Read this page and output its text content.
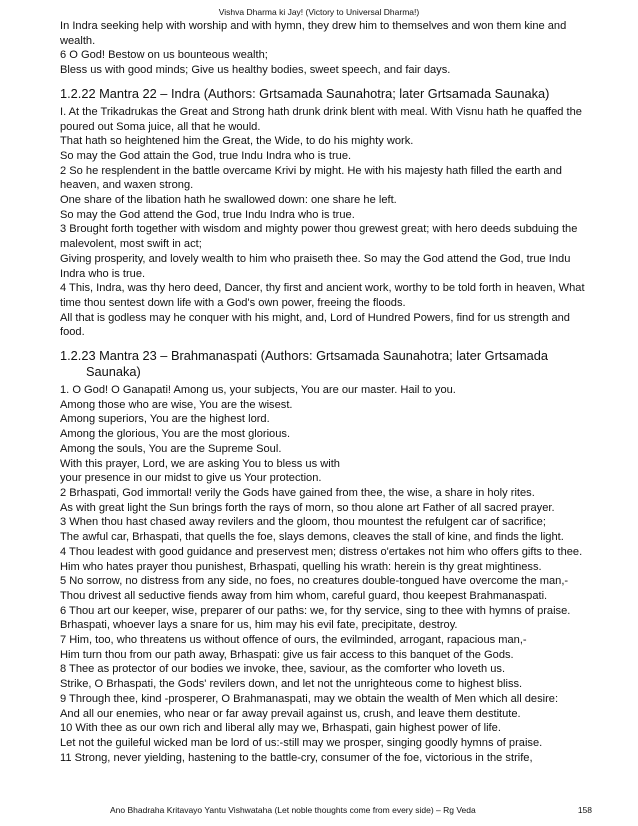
Vishva Dharma ki Jay! (Victory to Universal Dharma!)

In Indra seeking help with worship and with hymn, they drew him to themselves and won them kine and wealth.

6 O God! Bestow on us bounteous wealth;

Bless us with good minds; Give us healthy bodies, sweet speech, and fair days.

1.2.22 Mantra 22 – Indra (Authors: Grtsamada Saunahotra; later Grtsamada Saunaka)

I. At the Trikadrukas the Great and Strong hath drunk drink blent with meal. With Visnu hath he quaffed the poured out Soma juice, all that he would.

That hath so heightened him the Great, the Wide, to do his mighty work.

So may the God attain the God, true Indu Indra who is true.

2 So he resplendent in the battle overcame Krivi by might. He with his majesty hath filled the earth and heaven, and waxen strong.

One share of the libation hath he swallowed down: one share he left.

So may the God attend the God, true Indu Indra who is true.

3 Brought forth together with wisdom and mighty power thou grewest great; with hero deeds subduing the malevolent, most swift in act;

Giving prosperity, and lovely wealth to him who praiseth thee. So may the God attend the God, true Indu Indra who is true.

4 This, Indra, was thy hero deed, Dancer, thy first and ancient work, worthy to be told forth in heaven, What time thou sentest down life with a God's own power, freeing the floods.

All that is godless may he conquer with his might, and, Lord of Hundred Powers, find for us strength and food.

1.2.23 Mantra 23 – Brahmanaspati (Authors: Grtsamada Saunahotra; later Grtsamada Saunaka)

1. O God! O Ganapati! Among us, your subjects, You are our master. Hail to you.

Among those who are wise, You are the wisest.

Among superiors, You are the highest lord.

Among the glorious, You are the most glorious.

Among the souls, You are the Supreme Soul.

With this prayer, Lord, we are asking You to bless us with

your presence in our midst to give us Your protection.

2 Brhaspati, God immortal! verily the Gods have gained from thee, the wise, a share in holy rites.

As with great light the Sun brings forth the rays of morn, so thou alone art Father of all sacred prayer.

3 When thou hast chased away revilers and the gloom, thou mountest the refulgent car of sacrifice;

The awful car, Brhaspati, that quells the foe, slays demons, cleaves the stall of kine, and finds the light.

4 Thou leadest with good guidance and preservest men; distress o'ertakes not him who offers gifts to thee.

Him who hates prayer thou punishest, Brhaspati, quelling his wrath: herein is thy great mightiness.

5 No sorrow, no distress from any side, no foes, no creatures double-tongued have overcome the man,-

Thou drivest all seductive fiends away from him whom, careful guard, thou keepest Brahmanaspati.

6 Thou art our keeper, wise, preparer of our paths: we, for thy service, sing to thee with hymns of praise.

Brhaspati, whoever lays a snare for us, him may his evil fate, precipitate, destroy.

7 Him, too, who threatens us without offence of ours, the evilminded, arrogant, rapacious man,-

Him turn thou from our path away, Brhaspati: give us fair access to this banquet of the Gods.

8 Thee as protector of our bodies we invoke, thee, saviour, as the comforter who loveth us.

Strike, O Brhaspati, the Gods' revilers down, and let not the unrighteous come to highest bliss.

9 Through thee, kind -prosperer, O Brahmanaspati, may we obtain the wealth of Men which all desire:

And all our enemies, who near or far away prevail against us, crush, and leave them destitute.

10 With thee as our own rich and liberal ally may we, Brhaspati, gain highest power of life.

Let not the guileful wicked man be lord of us:-still may we prosper, singing goodly hymns of praise.

11 Strong, never yielding, hastening to the battle-cry, consumer of the foe, victorious in the strife,

Ano Bhadraha Kritavayo Yantu Vishwataha (Let noble thoughts come from every side) – Rg Veda	158
